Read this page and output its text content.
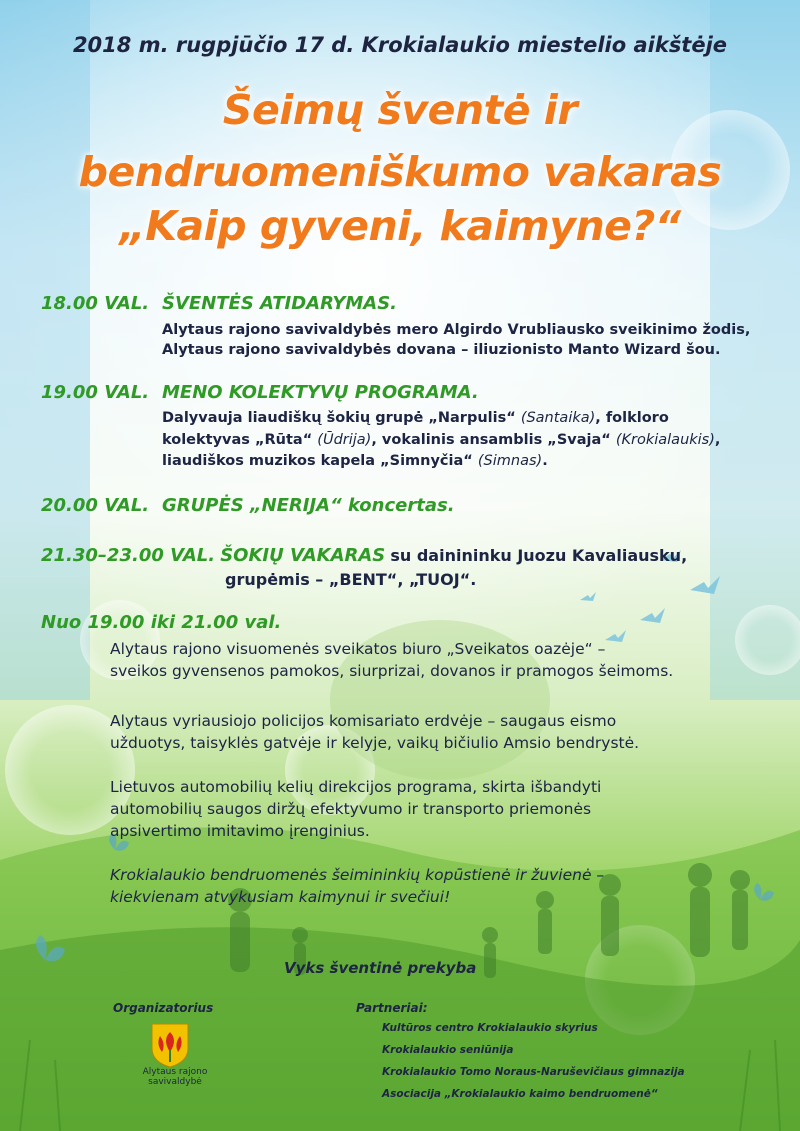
2018 m. rugpjūčio 17 d. Krokialaukio miestelio aikštėje
Šeimų šventė ir
bendruomeniškumo vakaras
„Kaip gyveni, kaimyne?“
18.00 VAL. ŠVENTĖS ATIDARYMAS.
Alytaus rajono savivaldybės mero Algirdo Vrubliausko sveikinimo žodis,
Alytaus rajono savivaldybės dovana – iliuzionisto Manto Wizard šou.
19.00 VAL. MENO KOLEKTYVŲ PROGRAMA.
Dalyvauja liaudiškų šokių grupė „Narpulis“ (Santaika), folkloro
kolektyvas „Rūta“ (Ūdrija), vokalinis ansamblis „Svaja“ (Krokialaukis),
liaudiškos muzikos kapela „Simnyčia“ (Simnas).
20.00 VAL. GRUPĖS „NERIJA“ koncertas.
21.30–23.00 VAL. ŠOKIŲ VAKARAS su dainininku Juozu Kavaliausku,
grupėmis – „BENT“, „TUOJ“.
Nuo 19.00 iki 21.00 val.
Alytaus rajono visuomenės sveikatos biuro „Sveikatos oazėje“ –
sveikos gyvensenos pamokos, siurprizai, dovanos ir pramogos šeimoms.
Alytaus vyriausiojo policijos komisariato erdvėje – saugaus eismo
užduotys, taisyklės gatvėje ir kelyje, vaikų bičiulio Amsio bendrystė.
Lietuvos automobilių kelių direkcijos programa, skirta išbandyti
automobilių saugos diržų efektyvumo ir transporto priemonės
apsivertimo imitavimo įrenginius.
Krokialaukio bendruomenės šeimininkių kopūstienė ir žuvienė –
kiekvienam atvykusiam kaimynui ir svečiui!
Vyks šventinė prekyba
Organizatorius
Alytaus rajono savivaldybė
Partneriai:
Kultūros centro Krokialaukio skyrius
Krokialaukio seniūnija
Krokialaukio Tomo Noraus-Naruševičiaus gimnazija
Asociacija „Krokialaukio kaimo bendruomenė“
